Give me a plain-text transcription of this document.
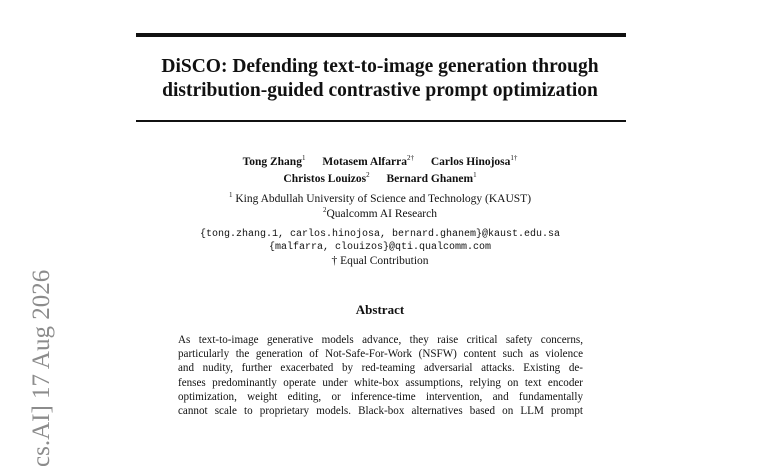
DiSCO: Defending text-to-image generation through
distribution-guided contrastive prompt optimization
Tong Zhang$^1$ Motasem Alfarra$^{2\dagger}$ Carlos Hinojosa$^{1\dagger}$
Christos Louizos$^2$ Bernard Ghanem$^1$
$^1$ King Abdullah University of Science and Technology (KAUST)
$^2$Qualcomm AI Research
{tong.zhang.1, carlos.hinojosa, bernard.ghanem}@kaust.edu.sa
{malfarra, clouizos}@qti.qualcomm.com
† Equal Contribution
Abstract
As text-to-image generative models advance, they raise critical safety concerns,
particularly the generation of Not-Safe-For-Work (NSFW) content such as violence
and nudity, further exacerbated by red-teaming adversarial attacks. Existing de-
fenses predominantly operate under white-box assumptions, relying on text encoder
optimization, weight editing, or inference-time intervention, and fundamentally
cannot scale to proprietary models. Black-box alternatives based on LLM prompt
cs.AI] 17 Aug 2026
